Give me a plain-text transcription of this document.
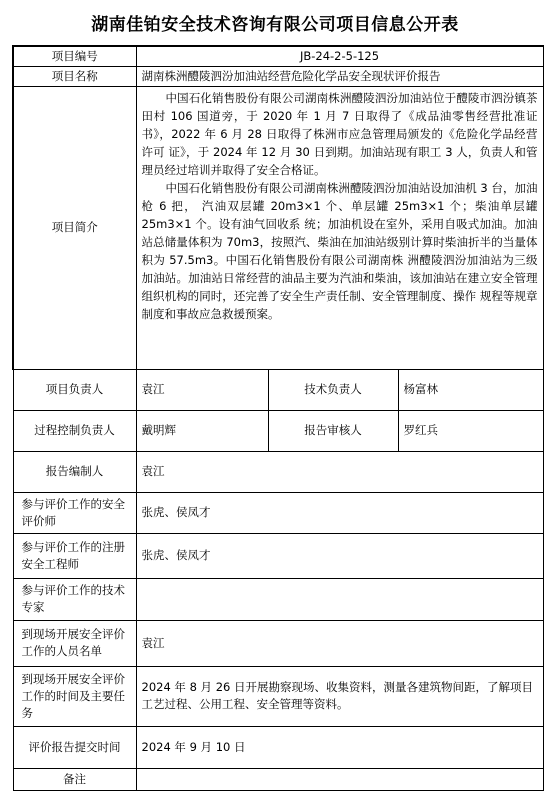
湖南佳铂安全技术咨询有限公司项目信息公开表
项目编号	JB-24-2-5-125		
项目名称	湖南株洲醴陵泗汾加油站经营危险化学品安全现状评价报告		
项目简介	中国石化销售股份有限公司湖南株洲醴陵泗汾加油站位于醴陵市泗汾镇茶田村 106 国道旁，于 2020 年 1 月 7 日取得了《成品油零售经营批准证书》，2022 年 6 月 28 日取得了株洲市应急管理局颁发的《危险化学品经营许可 证》，于 2024 年 12 月 30 日到期。加油站现有职工 3 人，负责人和管理员经过培训并取得了安全合格证。

中国石化销售股份有限公司湖南株洲醴陵泗汾加油站设加油机 3 台，加油枪 6 把， 汽油双层罐 20m3×1 个、单层罐 25m3×1 个；柴油单层罐 25m3×1 个。设有油气回收系 统；加油机设在室外，采用自吸式加油。加油站总储量体积为 70m3，按照汽、柴油在加油站级别计算时柴油折半的当量体积为 57.5m3。中国石化销售股份有限公司湖南株 洲醴陵泗汾加油站为三级加油站。加油站日常经营的油品主要为汽油和柴油，该加油站在建立安全管理组织机构的同时，还完善了安全生产责任制、安全管理制度、操作 规程等规章制度和事故应急救援预案。		

项目负责人	袁江	技术负责人	杨富林
过程控制负责人	戴明辉	报告审核人	罗红兵
报告编制人	袁江		
参与评价工作的安全评价师	张虎、侯凤才		
参与评价工作的注册安全工程师	张虎、侯凤才		
参与评价工作的技术专家			
到现场开展安全评价工作的人员名单	袁江		
到现场开展安全评价工作的时间及主要任务	2024 年 8 月 26 日开展勘察现场、收集资料，测量各建筑物间距，了解项目工艺过程、公用工程、安全管理等资料。		
评价报告提交时间	2024 年 9 月 10 日		
备注			
